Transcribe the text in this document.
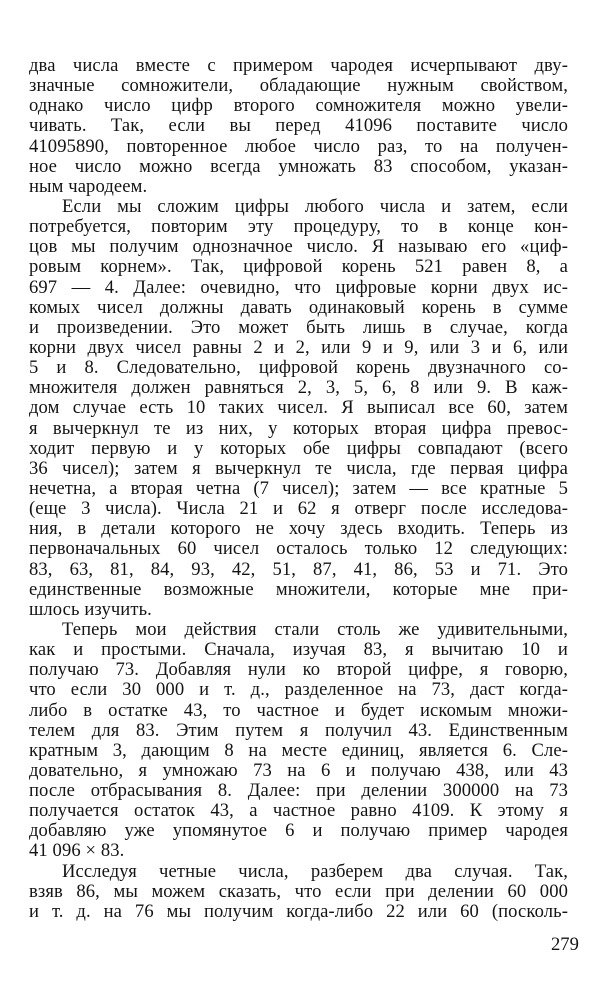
два числа вместе с примером чародея исчерпывают дву-
значные сомножители, обладающие нужным свойством,
однако число цифр второго сомножителя можно увели-
чивать. Так, если вы перед 41096 поставите число
41095890, повторенное любое число раз, то на получен-
ное число можно всегда умножать 83 способом, указан-
ным чародеем.
Если мы сложим цифры любого числа и затем, если
потребуется, повторим эту процедуру, то в конце кон-
цов мы получим однозначное число. Я называю его «циф-
ровым корнем». Так, цифровой корень 521 равен 8, а
697 — 4. Далее: очевидно, что цифровые корни двух ис-
комых чисел должны давать одинаковый корень в сумме
и произведении. Это может быть лишь в случае, когда
корни двух чисел равны 2 и 2, или 9 и 9, или 3 и 6, или
5 и 8. Следовательно, цифровой корень двузначного со-
множителя должен равняться 2, 3, 5, 6, 8 или 9. В каж-
дом случае есть 10 таких чисел. Я выписал все 60, затем
я вычеркнул те из них, у которых вторая цифра превос-
ходит первую и у которых обе цифры совпадают (всего
36 чисел); затем я вычеркнул те числа, где первая цифра
нечетна, а вторая четна (7 чисел); затем — все кратные 5
(еще 3 числа). Числа 21 и 62 я отверг после исследова-
ния, в детали которого не хочу здесь входить. Теперь из
первоначальных 60 чисел осталось только 12 следующих:
83, 63, 81, 84, 93, 42, 51, 87, 41, 86, 53 и 71. Это
единственные возможные множители, которые мне при-
шлось изучить.
Теперь мои действия стали столь же удивительными,
как и простыми. Сначала, изучая 83, я вычитаю 10 и
получаю 73. Добавляя нули ко второй цифре, я говорю,
что если 30 000 и т. д., разделенное на 73, даст когда-
либо в остатке 43, то частное и будет искомым множи-
телем для 83. Этим путем я получил 43. Единственным
кратным 3, дающим 8 на месте единиц, является 6. Сле-
довательно, я умножаю 73 на 6 и получаю 438, или 43
после отбрасывания 8. Далее: при делении 300000 на 73
получается остаток 43, а частное равно 4109. К этому я
добавляю уже упомянутое 6 и получаю пример чародея
41 096 × 83.
Исследуя четные числа, разберем два случая. Так,
взяв 86, мы можем сказать, что если при делении 60 000
и т. д. на 76 мы получим когда-либо 22 или 60 (посколь-
279
